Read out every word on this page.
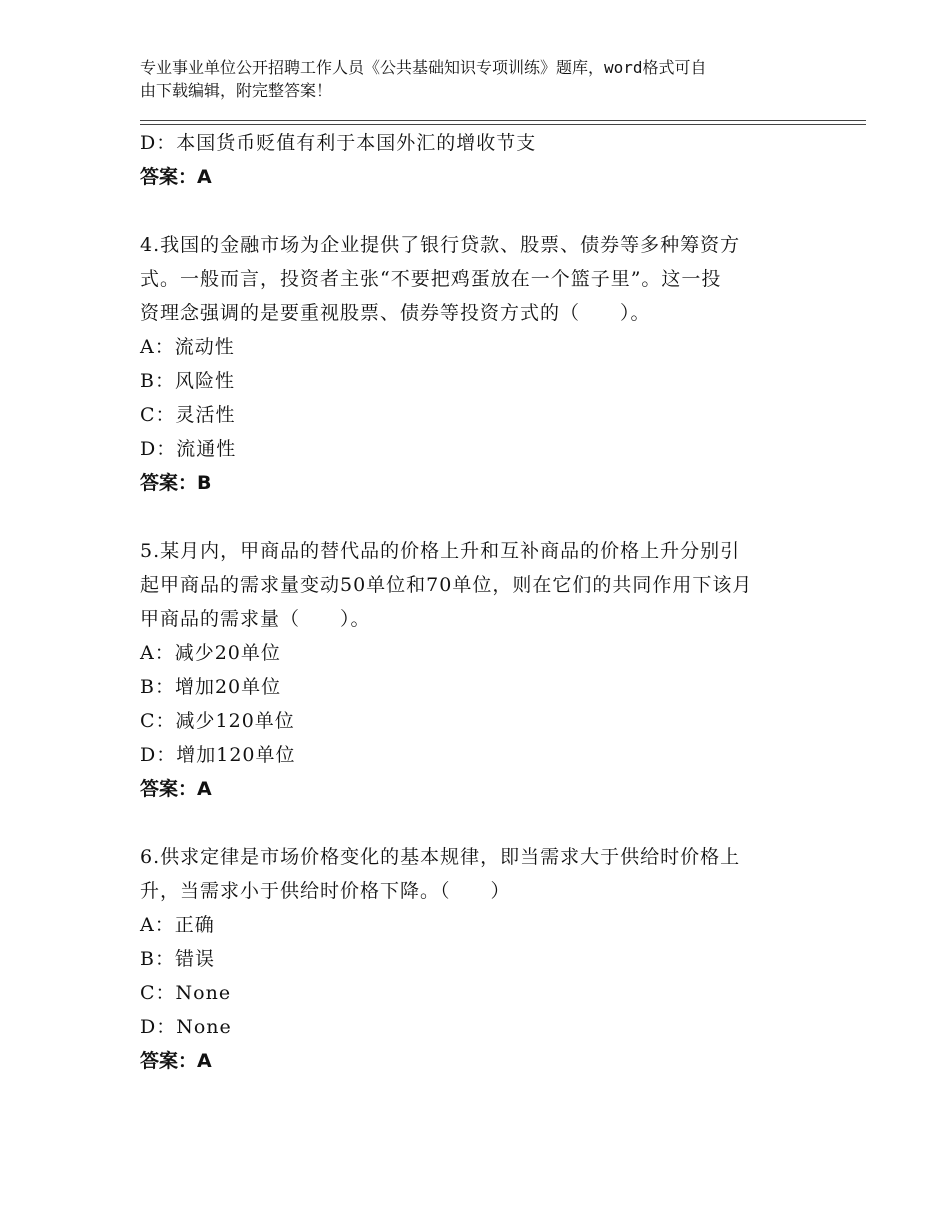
专业事业单位公开招聘工作人员《公共基础知识专项训练》题库，word格式可自
由下载编辑，附完整答案！
D：本国货币贬值有利于本国外汇的增收节支
答案：A
4.我国的金融市场为企业提供了银行贷款、股票、债券等多种筹资方
式。一般而言，投资者主张“不要把鸡蛋放在一个篮子里”。这一投
资理念强调的是要重视股票、债券等投资方式的（　　）。
A：流动性
B：风险性
C：灵活性
D：流通性
答案：B
5.某月内，甲商品的替代品的价格上升和互补商品的价格上升分别引
起甲商品的需求量变动50单位和70单位，则在它们的共同作用下该月
甲商品的需求量（　　）。
A：减少20单位
B：增加20单位
C：减少120单位
D：增加120单位
答案：A
6.供求定律是市场价格变化的基本规律，即当需求大于供给时价格上
升，当需求小于供给时价格下降。（　　）
A：正确
B：错误
C：None
D：None
答案：A
